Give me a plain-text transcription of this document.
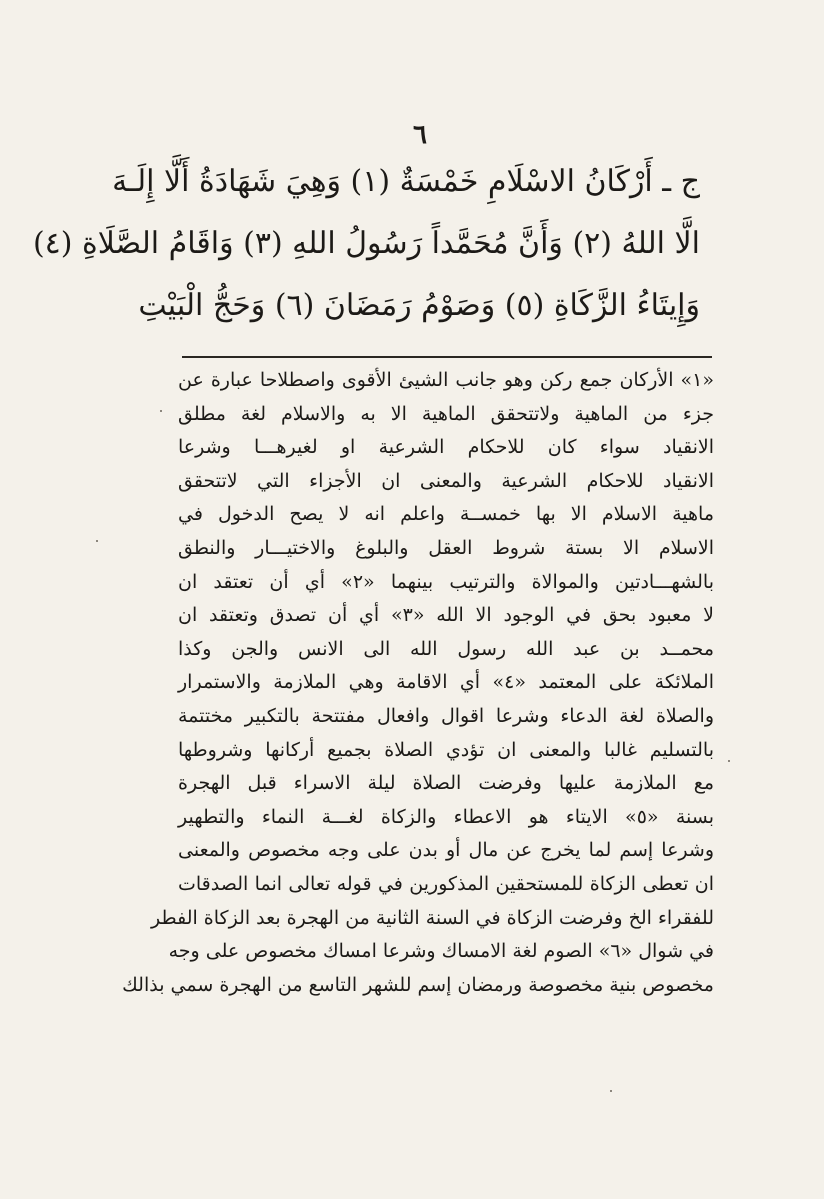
٦
ج ـ أَرْكَانُ الاسْلَامِ خَمْسَةٌ (١) وَهِيَ شَهَادَةُ أَلَّا إِلَـهَ
الَّا اللهُ (٢) وَأَنَّ مُحَمَّداً رَسُولُ اللهِ (٣) وَاقَامُ الصَّلَاةِ (٤)
وَإِيتَاءُ الزَّكَاةِ (٥) وَصَوْمُ رَمَضَانَ (٦) وَحَجُّ الْبَيْتِ
«١» الأركان جمع ركن وهو جانب الشيئ الأقوى واصطلاحا عبارة عن
جزء من الماهية ولاتتحقق الماهية الا به والاسلام لغة مطلق
الانقياد سواء كان للاحكام الشرعية او لغيرهـــا وشرعا
الانقياد للاحكام الشرعية والمعنى ان الأجزاء التي لاتتحقق
ماهية الاسلام الا بها خمســة واعلم انه لا يصح الدخول في
الاسلام الا بستة شروط العقل والبلوغ والاختيـــار والنطق
بالشهـــادتين والموالاة والترتيب بينهما «٢» أي أن تعتقد ان
لا معبود بحق في الوجود الا الله «٣» أي أن تصدق وتعتقد ان
محمــد بن عبد الله رسول الله الى الانس والجن وكذا
الملائكة على المعتمد «٤» أي الاقامة وهي الملازمة والاستمرار
والصلاة لغة الدعاء وشرعا اقوال وافعال مفتتحة بالتكبير مختتمة
بالتسليم غالبا والمعنى ان تؤدي الصلاة بجميع أركانها وشروطها
مع الملازمة عليها وفرضت الصلاة ليلة الاسراء قبل الهجرة
بسنة «٥» الايتاء هو الاعطاء والزكاة لغـــة النماء والتطهير
وشرعا إسم لما يخرج عن مال أو بدن على وجه مخصوص والمعنى
ان تعطى الزكاة للمستحقين المذكورين في قوله تعالى انما الصدقات
للفقراء الخ وفرضت الزكاة في السنة الثانية من الهجرة بعد الزكاة الفطر
في شوال «٦» الصوم لغة الامساك وشرعا امساك مخصوص على وجه
مخصوص بنية مخصوصة ورمضان إسم للشهر التاسع من الهجرة سمي بذالك
